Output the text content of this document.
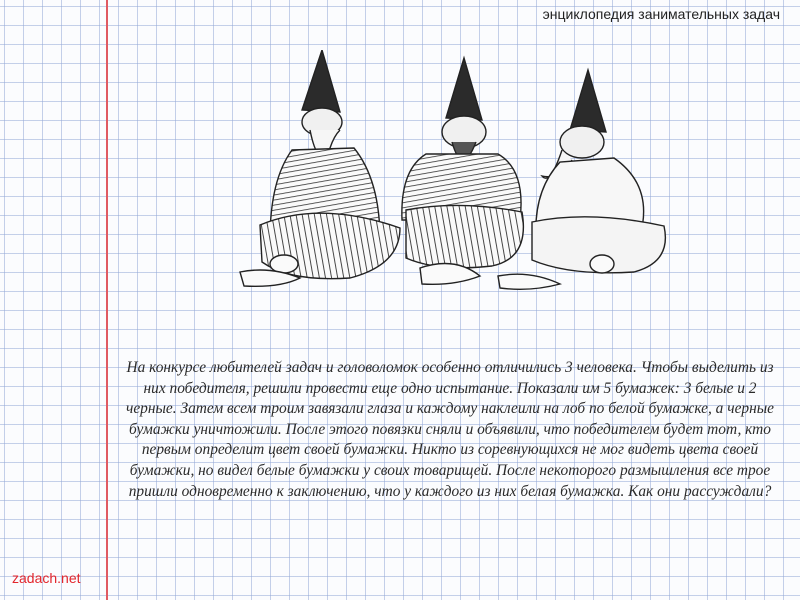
энциклопедия занимательных задач

На конкурсе любителей задач и головоломок особенно отличились 3 человека. Чтобы выделить из них победителя, решили провести еще одно испытание. Показали им 5 бумажек: 3 белые и 2 черные. Затем всем троим завязали глаза и каждому наклеили на лоб по белой бумажке, а черные бумажки уничтожили. После этого повязки сняли и объявили, что победителем будет тот, кто первым определит цвет своей бумажки. Никто из соревнующихся не мог видеть цвета своей бумажки, но видел белые бумажки у своих товарищей. После некоторого размышления все трое пришли одновременно к заключению, что у каждого из них белая бумажка. Как они рассуждали?

zadach.net
